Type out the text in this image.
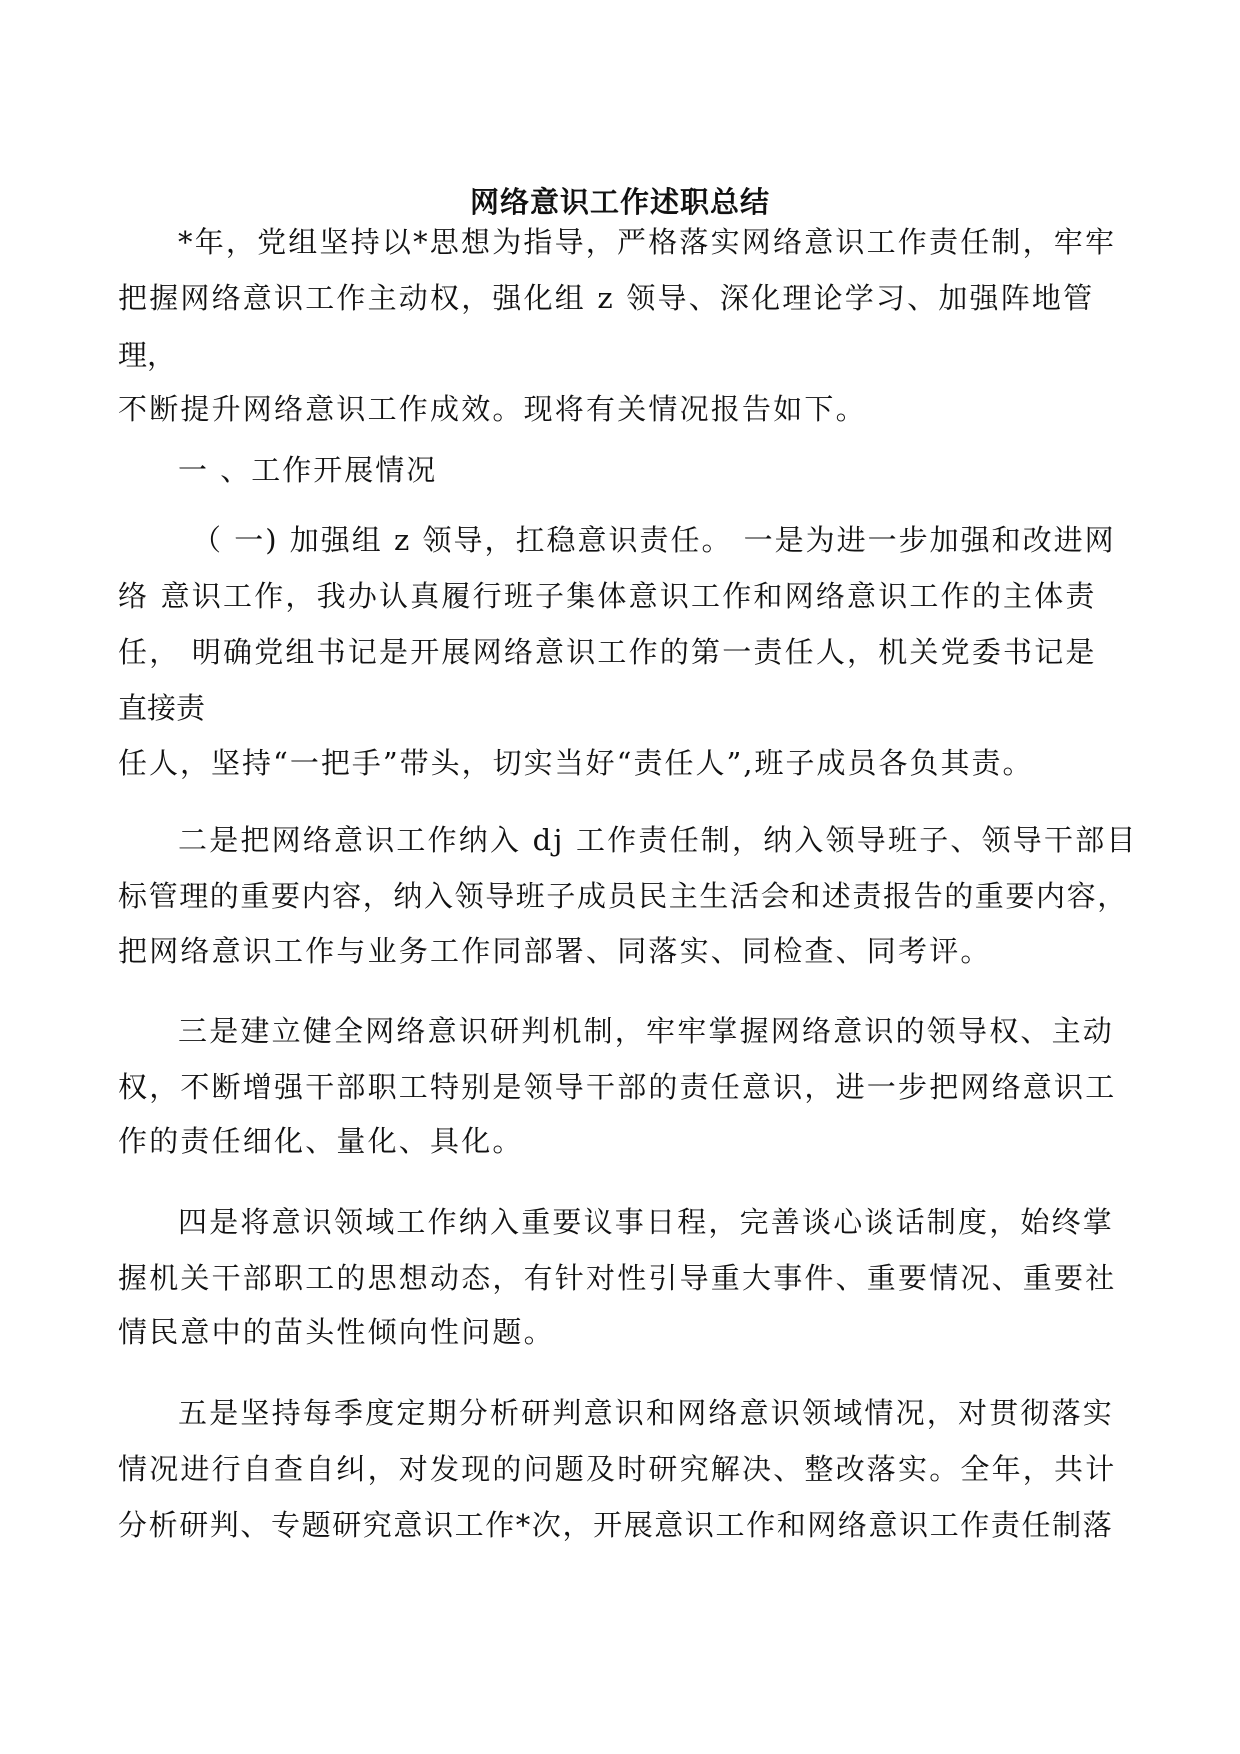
网络意识工作述职总结
*年，党组坚持以*思想为指导，严格落实网络意识工作责任制，牢牢
把握网络意识工作主动权，强化组 z 领导、深化理论学习、加强阵地管
理，
不断提升网络意识工作成效。现将有关情况报告如下。
一 、工作开展情况
（ 一) 加强组 z 领导，扛稳意识责任。 一是为进一步加强和改进网
络 意识工作，我办认真履行班子集体意识工作和网络意识工作的主体责
任， 明确党组书记是开展网络意识工作的第一责任人，机关党委书记是
直接责
任人，坚持“一把手”带头，切实当好“责任人”,班子成员各负其责。
二是把网络意识工作纳入 dj 工作责任制，纳入领导班子、领导干部目
标管理的重要内容，纳入领导班子成员民主生活会和述责报告的重要内容，
把网络意识工作与业务工作同部署、同落实、同检查、同考评。
三是建立健全网络意识研判机制，牢牢掌握网络意识的领导权、主动
权，不断增强干部职工特别是领导干部的责任意识，进一步把网络意识工
作的责任细化、量化、具化。
四是将意识领域工作纳入重要议事日程，完善谈心谈话制度，始终掌
握机关干部职工的思想动态，有针对性引导重大事件、重要情况、重要社
情民意中的苗头性倾向性问题。
五是坚持每季度定期分析研判意识和网络意识领域情况，对贯彻落实
情况进行自查自纠，对发现的问题及时研究解决、整改落实。全年，共计
分析研判、专题研究意识工作*次，开展意识工作和网络意识工作责任制落
